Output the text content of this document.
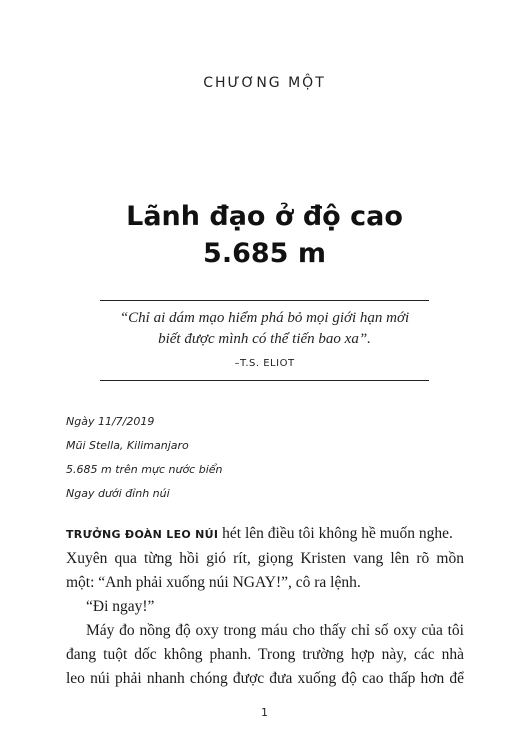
CHƯƠNG MỘT
Lãnh đạo ở độ cao
5.685 m
“Chỉ ai dám mạo hiểm phá bỏ mọi giới hạn mới
biết được mình có thể tiến bao xa”.
–T.S. ELIOT
Ngày 11/7/2019
Mũi Stella, Kilimanjaro
5.685 m trên mực nước biển
Ngay dưới đỉnh núi
TRƯỞNG ĐOÀN LEO NÚI hét lên điều tôi không hề muốn nghe.
Xuyên qua từng hồi gió rít, giọng Kristen vang lên rõ mồn
một: “Anh phải xuống núi NGAY!”, cô ra lệnh.
“Đi ngay!”
Máy đo nồng độ oxy trong máu cho thấy chỉ số oxy của tôi
đang tuột dốc không phanh. Trong trường hợp này, các nhà
leo núi phải nhanh chóng được đưa xuống độ cao thấp hơn để
1
